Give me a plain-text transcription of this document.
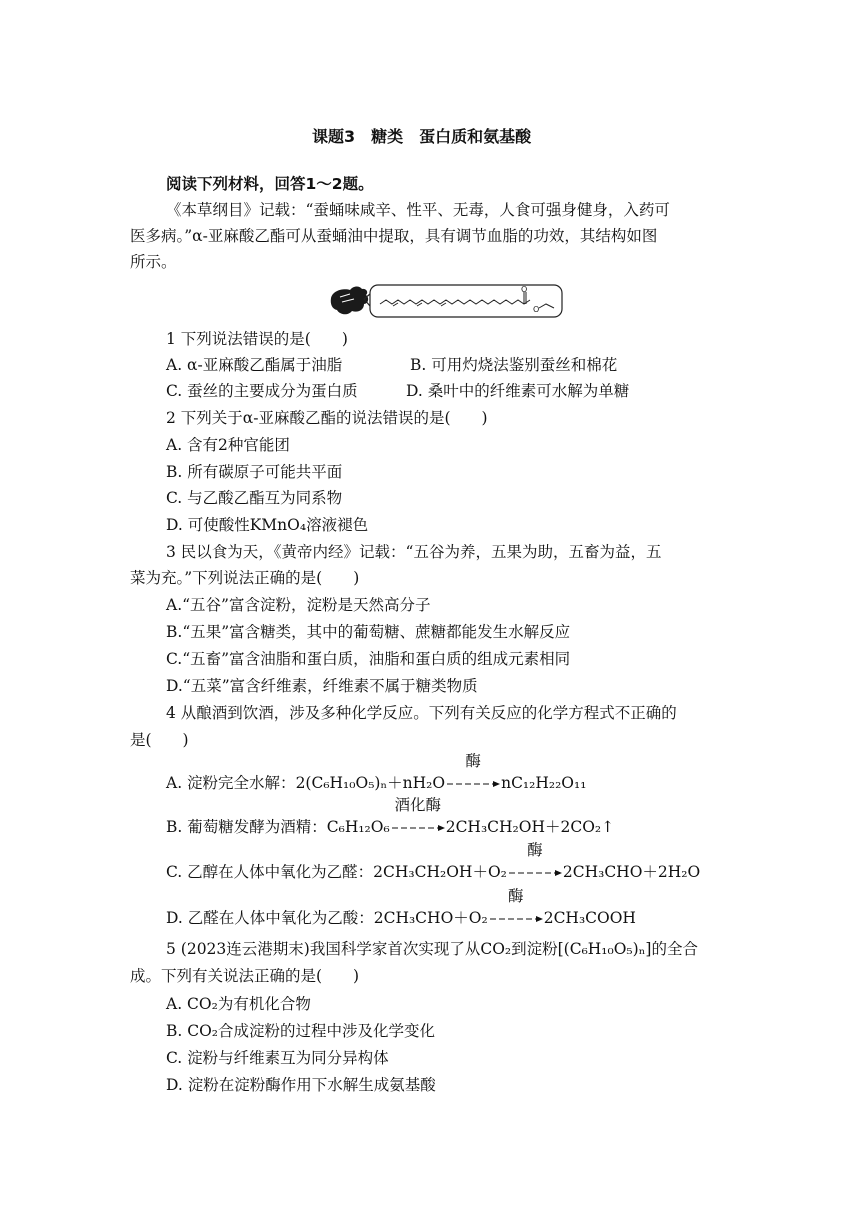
课题3　糖类　蛋白质和氨基酸
阅读下列材料，回答1～2题。
《本草纲目》记载：“蚕蛹味咸辛、性平、无毒，人食可强身健身，入药可
医多病。”α-亚麻酸乙酯可从蚕蛹油中提取，具有调节血脂的功效，其结构如图
所示。
O
O
1 下列说法错误的是(　　)
A. α-亚麻酸乙酯属于油脂	B. 可用灼烧法鉴别蚕丝和棉花
C. 蚕丝的主要成分为蛋白质	D. 桑叶中的纤维素可水解为单糖
2 下列关于α-亚麻酸乙酯的说法错误的是(　　)
A. 含有2种官能团
B. 所有碳原子可能共平面
C. 与乙酸乙酯互为同系物
D. 可使酸性KMnO₄溶液褪色
3 民以食为天，《黄帝内经》记载：“五谷为养，五果为助，五畜为益，五
菜为充。”下列说法正确的是(　　)
A.“五谷”富含淀粉，淀粉是天然高分子
B.“五果”富含糖类，其中的葡萄糖、蔗糖都能发生水解反应
C.“五畜”富含油脂和蛋白质，油脂和蛋白质的组成元素相同
D.“五菜”富含纤维素，纤维素不属于糖类物质
4 从酿酒到饮酒，涉及多种化学反应。下列有关反应的化学方程式不正确的
是(　　)
A. 淀粉完全水解：2(C₆H₁₀O₅)ₙ＋nH₂O
酶
nC₁₂H₂₂O₁₁
B. 葡萄糖发酵为酒精：C₆H₁₂O₆
酒化酶
2CH₃CH₂OH＋2CO₂↑
C. 乙醇在人体中氧化为乙醛：2CH₃CH₂OH＋O₂
酶
2CH₃CHO＋2H₂O
D. 乙醛在人体中氧化为乙酸：2CH₃CHO＋O₂
酶
2CH₃COOH
5 (2023连云港期末)我国科学家首次实现了从CO₂到淀粉[(C₆H₁₀O₅)ₙ]的全合
成。下列有关说法正确的是(　　)
A. CO₂为有机化合物
B. CO₂合成淀粉的过程中涉及化学变化
C. 淀粉与纤维素互为同分异构体
D. 淀粉在淀粉酶作用下水解生成氨基酸
